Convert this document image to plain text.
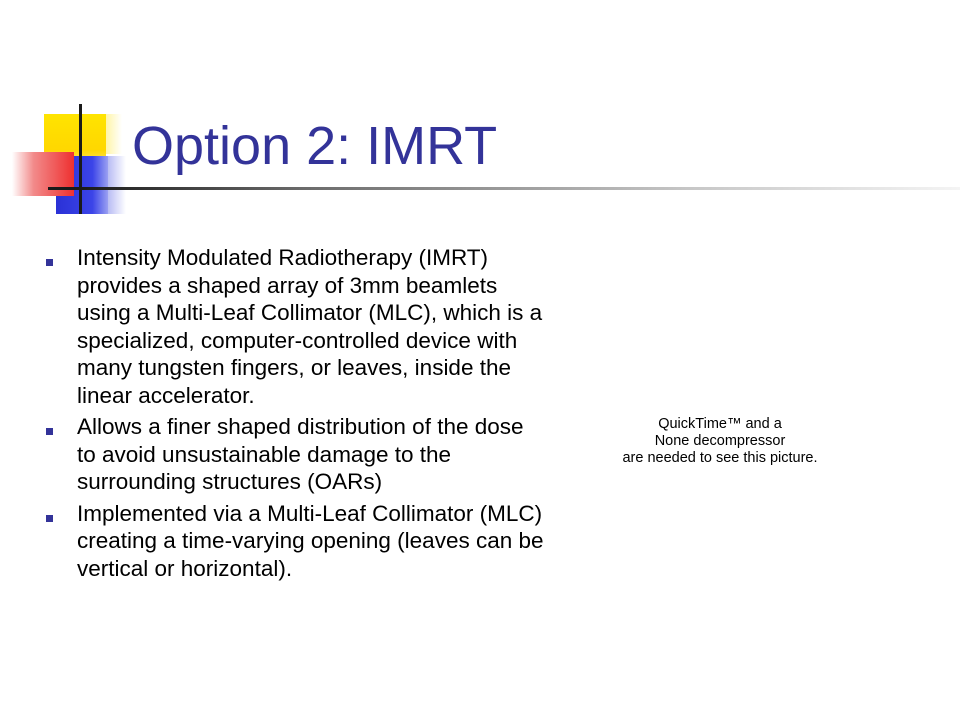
Option 2: IMRT
Intensity Modulated Radiotherapy (IMRT) provides a shaped array of 3mm beamlets using a Multi-Leaf Collimator (MLC), which is a specialized, computer-controlled device with many tungsten fingers, or leaves, inside the linear accelerator.
Allows a finer shaped distribution of the dose to avoid unsustainable damage to the surrounding structures (OARs)
Implemented via a Multi-Leaf Collimator (MLC) creating a time-varying opening (leaves can be vertical or horizontal).
QuickTime™ and a
None decompressor
are needed to see this picture.
